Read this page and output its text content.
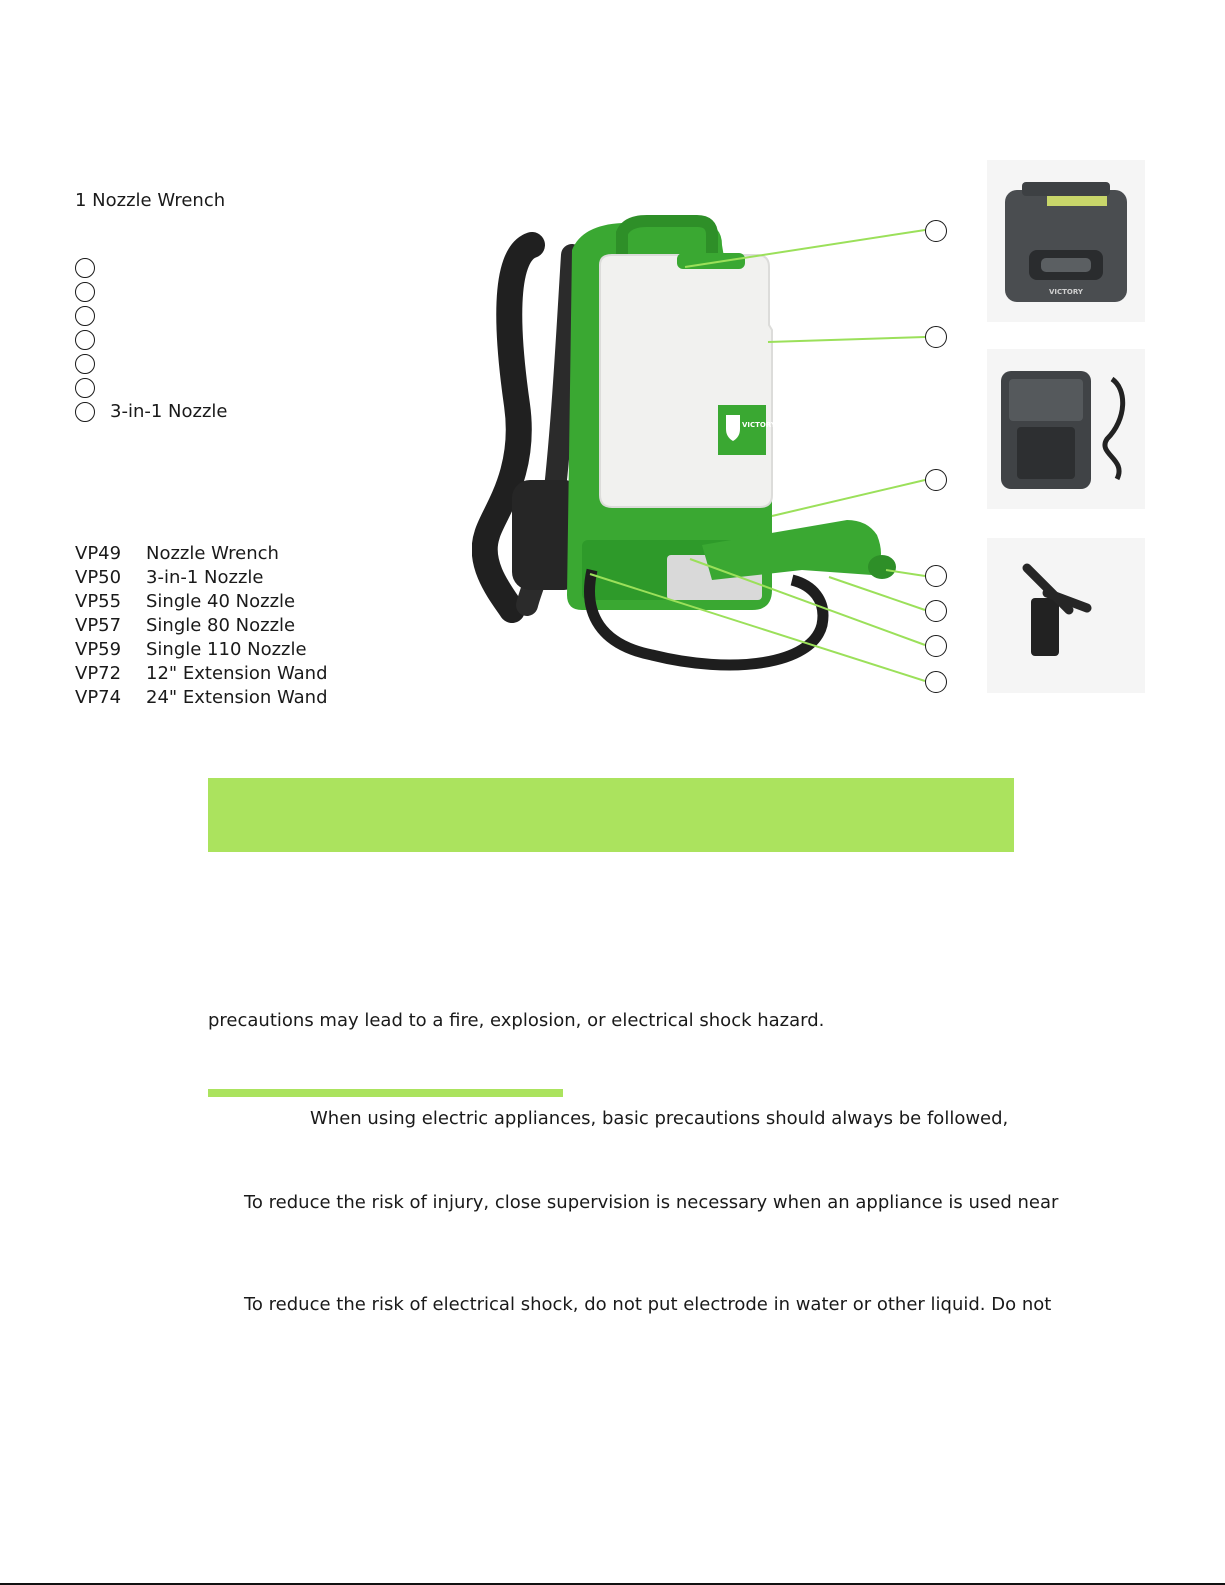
1 Nozzle Wrench
3-in-1 Nozzle
VP49	Nozzle Wrench
VP50	3-in-1 Nozzle
VP55	Single 40 Nozzle
VP57	Single 80 Nozzle
VP59	Single 110 Nozzle
VP72	12" Extension Wand
VP74	24" Extension Wand
VICTORY
VICTORY
precautions may lead to a fire, explosion, or electrical shock hazard.
When using electric appliances, basic precautions should always be followed,
To reduce the risk of injury, close supervision is necessary when an appliance is used near
To reduce the risk of electrical shock, do not put electrode in water or other liquid. Do not
